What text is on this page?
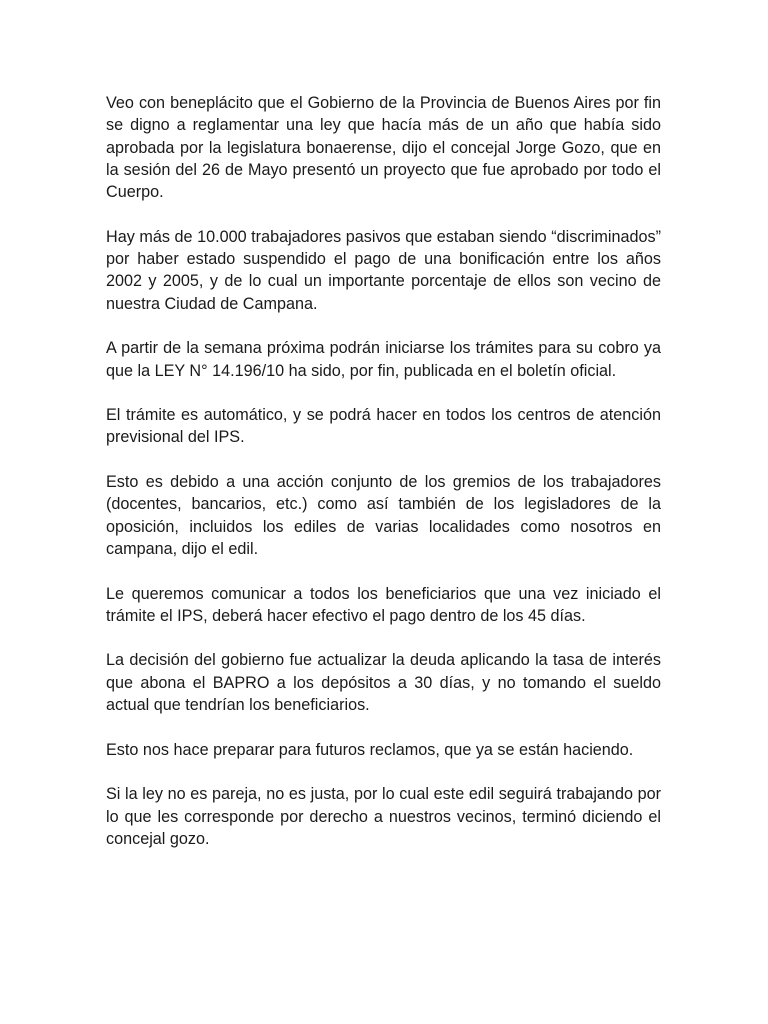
Veo con beneplácito que el Gobierno de la Provincia de Buenos Aires por fin se digno a reglamentar una ley que hacía más de un año que había sido aprobada por la legislatura bonaerense, dijo el concejal Jorge Gozo, que en la sesión del 26 de Mayo presentó un proyecto que fue aprobado por todo el Cuerpo.

Hay más de 10.000 trabajadores pasivos que estaban siendo “discriminados” por haber estado suspendido el pago de una bonificación entre los años 2002 y 2005, y de lo cual un importante porcentaje de ellos son vecino de nuestra Ciudad de Campana.

A partir de la semana próxima podrán iniciarse los trámites para su cobro ya que la LEY N° 14.196/10 ha sido, por fin, publicada en el boletín oficial.

El trámite es automático, y se podrá hacer en todos los centros de atención previsional del IPS.

Esto es debido a una acción conjunto de los gremios de los trabajadores (docentes, bancarios, etc.) como así también de los legisladores de la oposición, incluidos los ediles de varias localidades como nosotros en campana, dijo el edil.

Le queremos comunicar a todos los beneficiarios que una vez iniciado el trámite el IPS, deberá hacer efectivo el pago dentro de los 45 días.

La decisión del gobierno fue actualizar la deuda aplicando la tasa de interés que abona el BAPRO a los depósitos a 30 días, y no tomando el sueldo actual que tendrían los beneficiarios.

Esto nos hace preparar para futuros reclamos, que ya se están haciendo.

Si la ley no es pareja, no es justa, por lo cual este edil seguirá trabajando por lo que les corresponde por derecho a nuestros vecinos, terminó diciendo el concejal gozo.
